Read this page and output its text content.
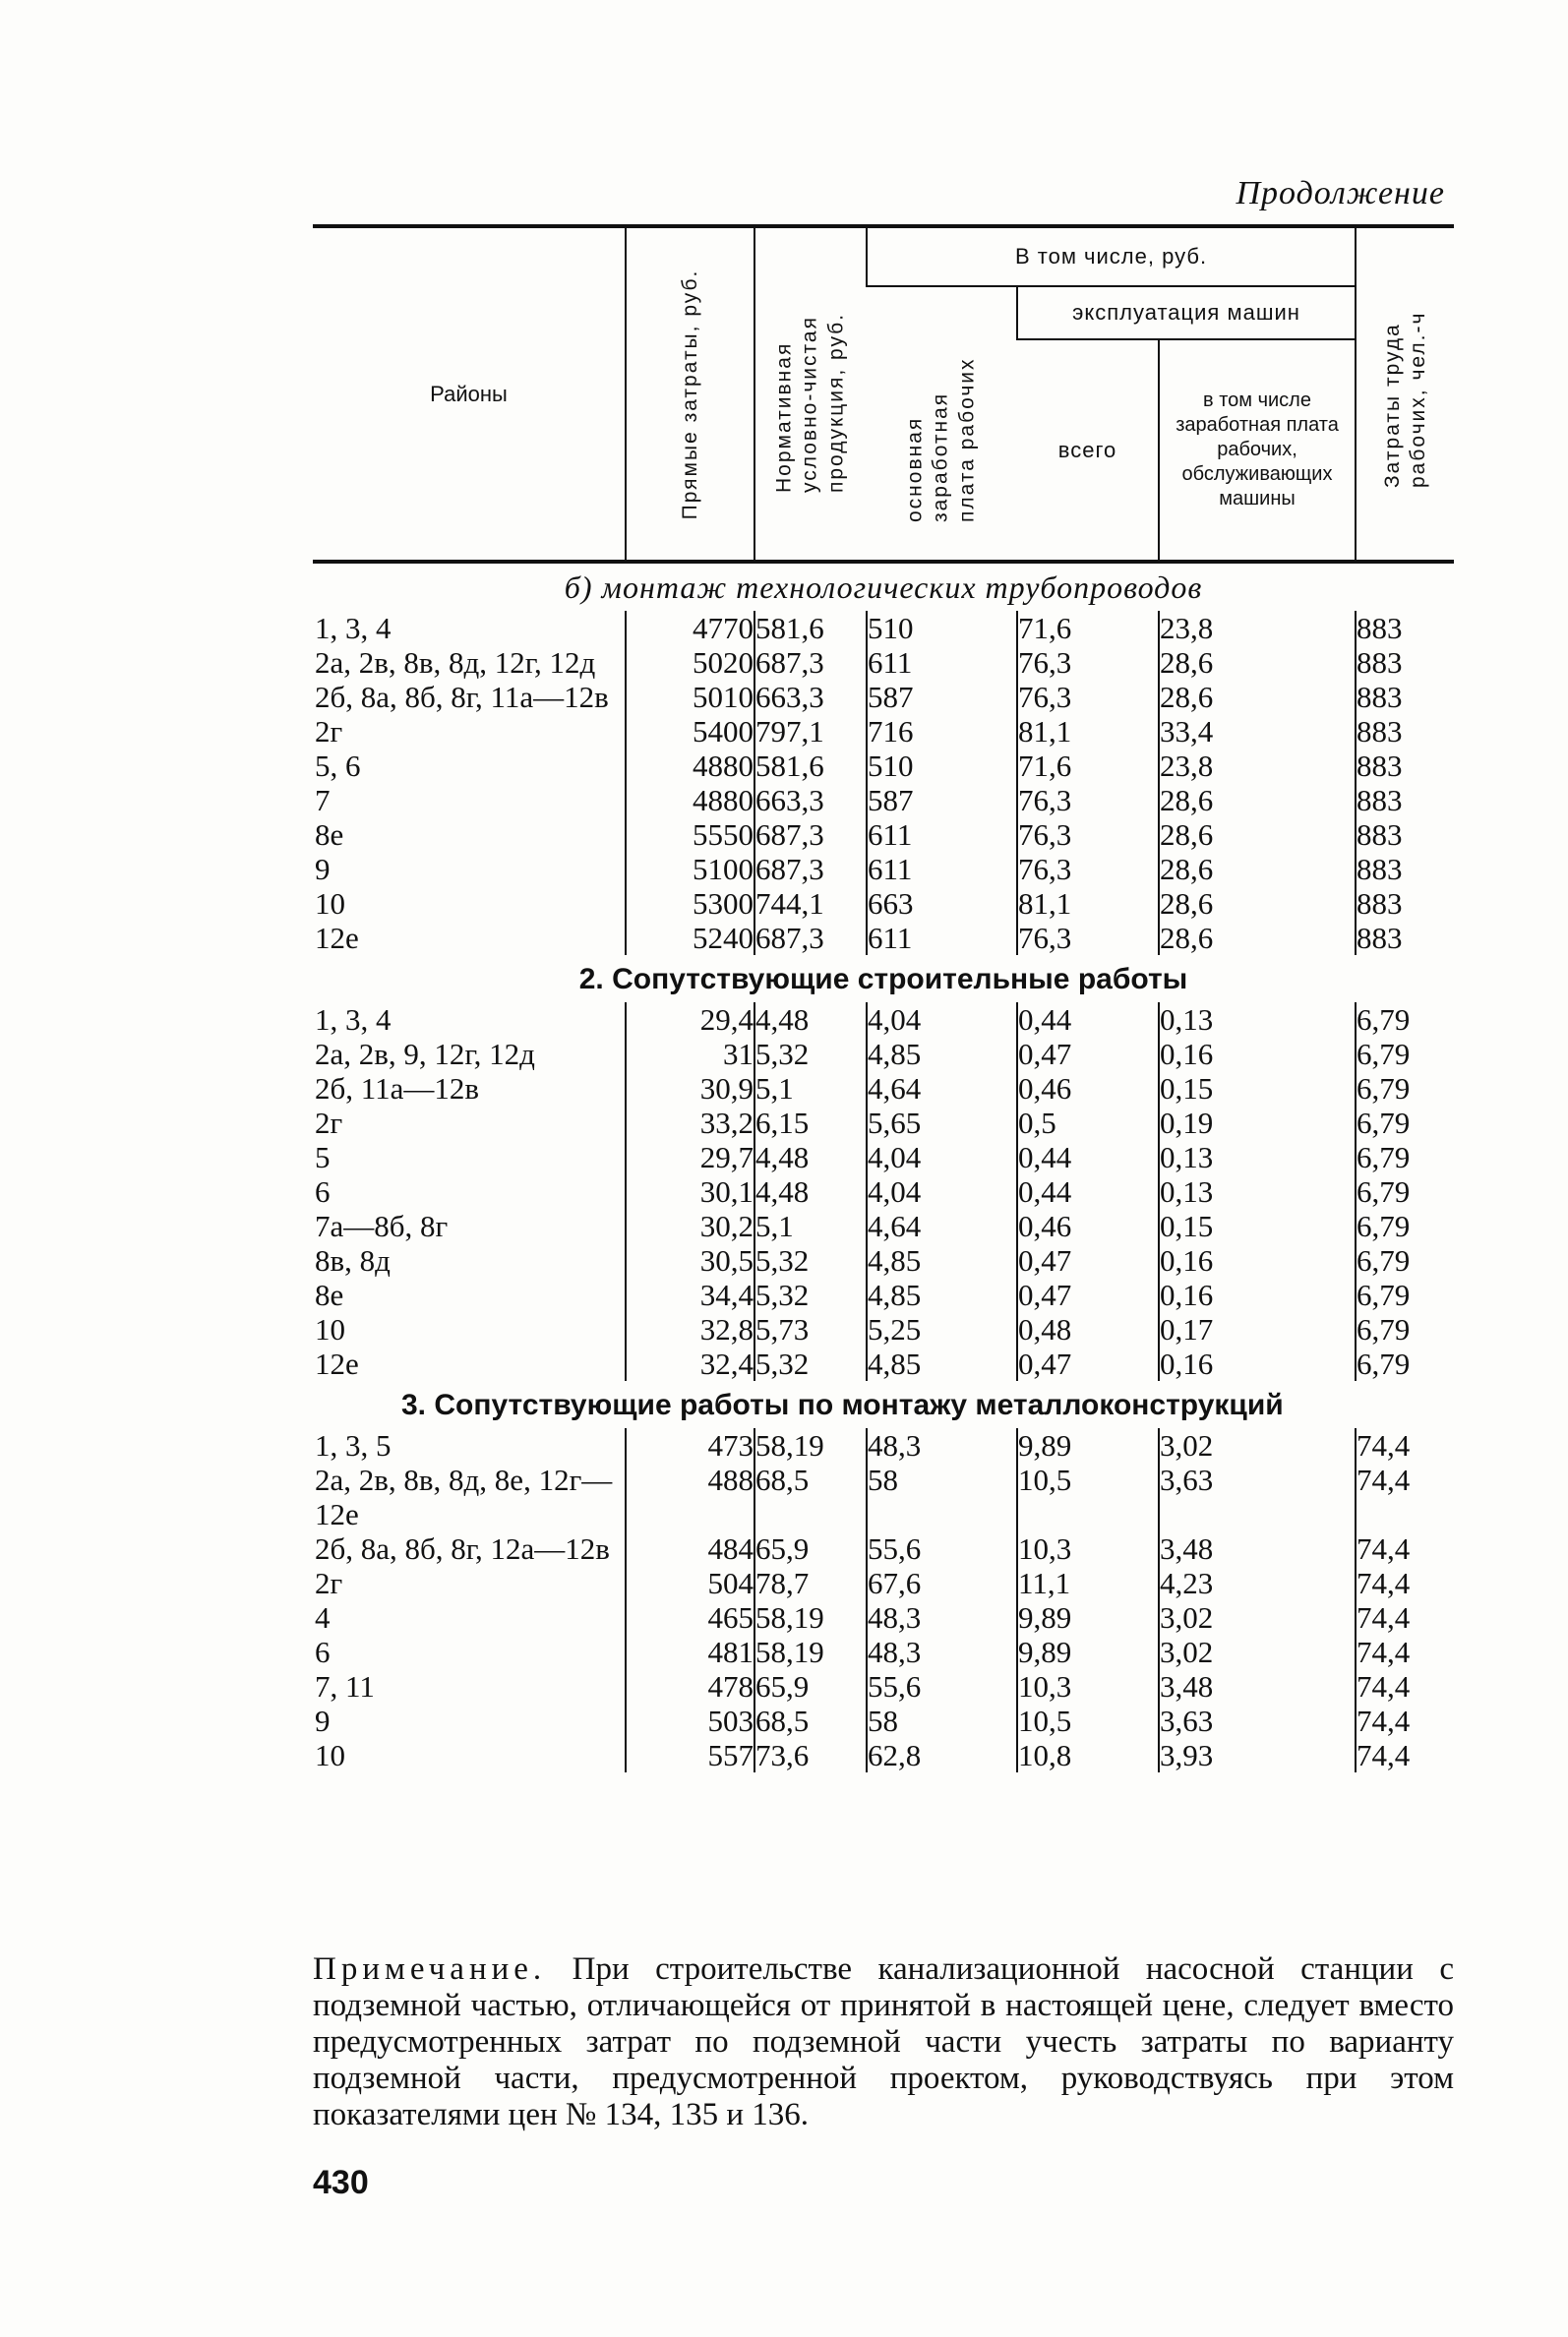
Продолжение
Районы	Прямые затраты, руб.	Нормативная условно-чистая продукция, руб.	В том числе, руб.			Затраты труда рабочих, чел.-ч

			основная заработная плата рабочих	эксплуатация машин		
				всего	в том числе заработная плата рабочих, обслуживающих машины	
б) монтаж технологических трубопроводов						
1, 3, 4	4770	581,6	510	71,6	23,8	883
2а, 2в, 8в, 8д, 12г, 12д	5020	687,3	611	76,3	28,6	883
2б, 8а, 8б, 8г, 11а—12в	5010	663,3	587	76,3	28,6	883
2г	5400	797,1	716	81,1	33,4	883
5, 6	4880	581,6	510	71,6	23,8	883
7	4880	663,3	587	76,3	28,6	883
8е	5550	687,3	611	76,3	28,6	883
9	5100	687,3	611	76,3	28,6	883
10	5300	744,1	663	81,1	28,6	883
12е	5240	687,3	611	76,3	28,6	883
2. Сопутствующие строительные работы						
1, 3, 4	29,4	4,48	4,04	0,44	0,13	6,79
2а, 2в, 9, 12г, 12д	31	5,32	4,85	0,47	0,16	6,79
2б, 11а—12в	30,9	5,1	4,64	0,46	0,15	6,79
2г	33,2	6,15	5,65	0,5	0,19	6,79
5	29,7	4,48	4,04	0,44	0,13	6,79
6	30,1	4,48	4,04	0,44	0,13	6,79
7а—8б, 8г	30,2	5,1	4,64	0,46	0,15	6,79
8в, 8д	30,5	5,32	4,85	0,47	0,16	6,79
8е	34,4	5,32	4,85	0,47	0,16	6,79
10	32,8	5,73	5,25	0,48	0,17	6,79
12е	32,4	5,32	4,85	0,47	0,16	6,79
3. Сопутствующие работы по монтажу металлоконструкций						
1, 3, 5	473	58,19	48,3	9,89	3,02	74,4
2а, 2в, 8в, 8д, 8е, 12г—12е	488	68,5	58	10,5	3,63	74,4
2б, 8а, 8б, 8г, 12а—12в	484	65,9	55,6	10,3	3,48	74,4
2г	504	78,7	67,6	11,1	4,23	74,4
4	465	58,19	48,3	9,89	3,02	74,4
6	481	58,19	48,3	9,89	3,02	74,4
7, 11	478	65,9	55,6	10,3	3,48	74,4
9	503	68,5	58	10,5	3,63	74,4
10	557	73,6	62,8	10,8	3,93	74,4
Примечание. При строительстве канализационной насосной станции с подземной частью, отличающейся от принятой в настоящей цене, следует вместо предусмотренных затрат по подземной части учесть затраты по варианту подземной части, предусмотренной проектом, руководствуясь при этом показателями цен № 134, 135 и 136.
430
